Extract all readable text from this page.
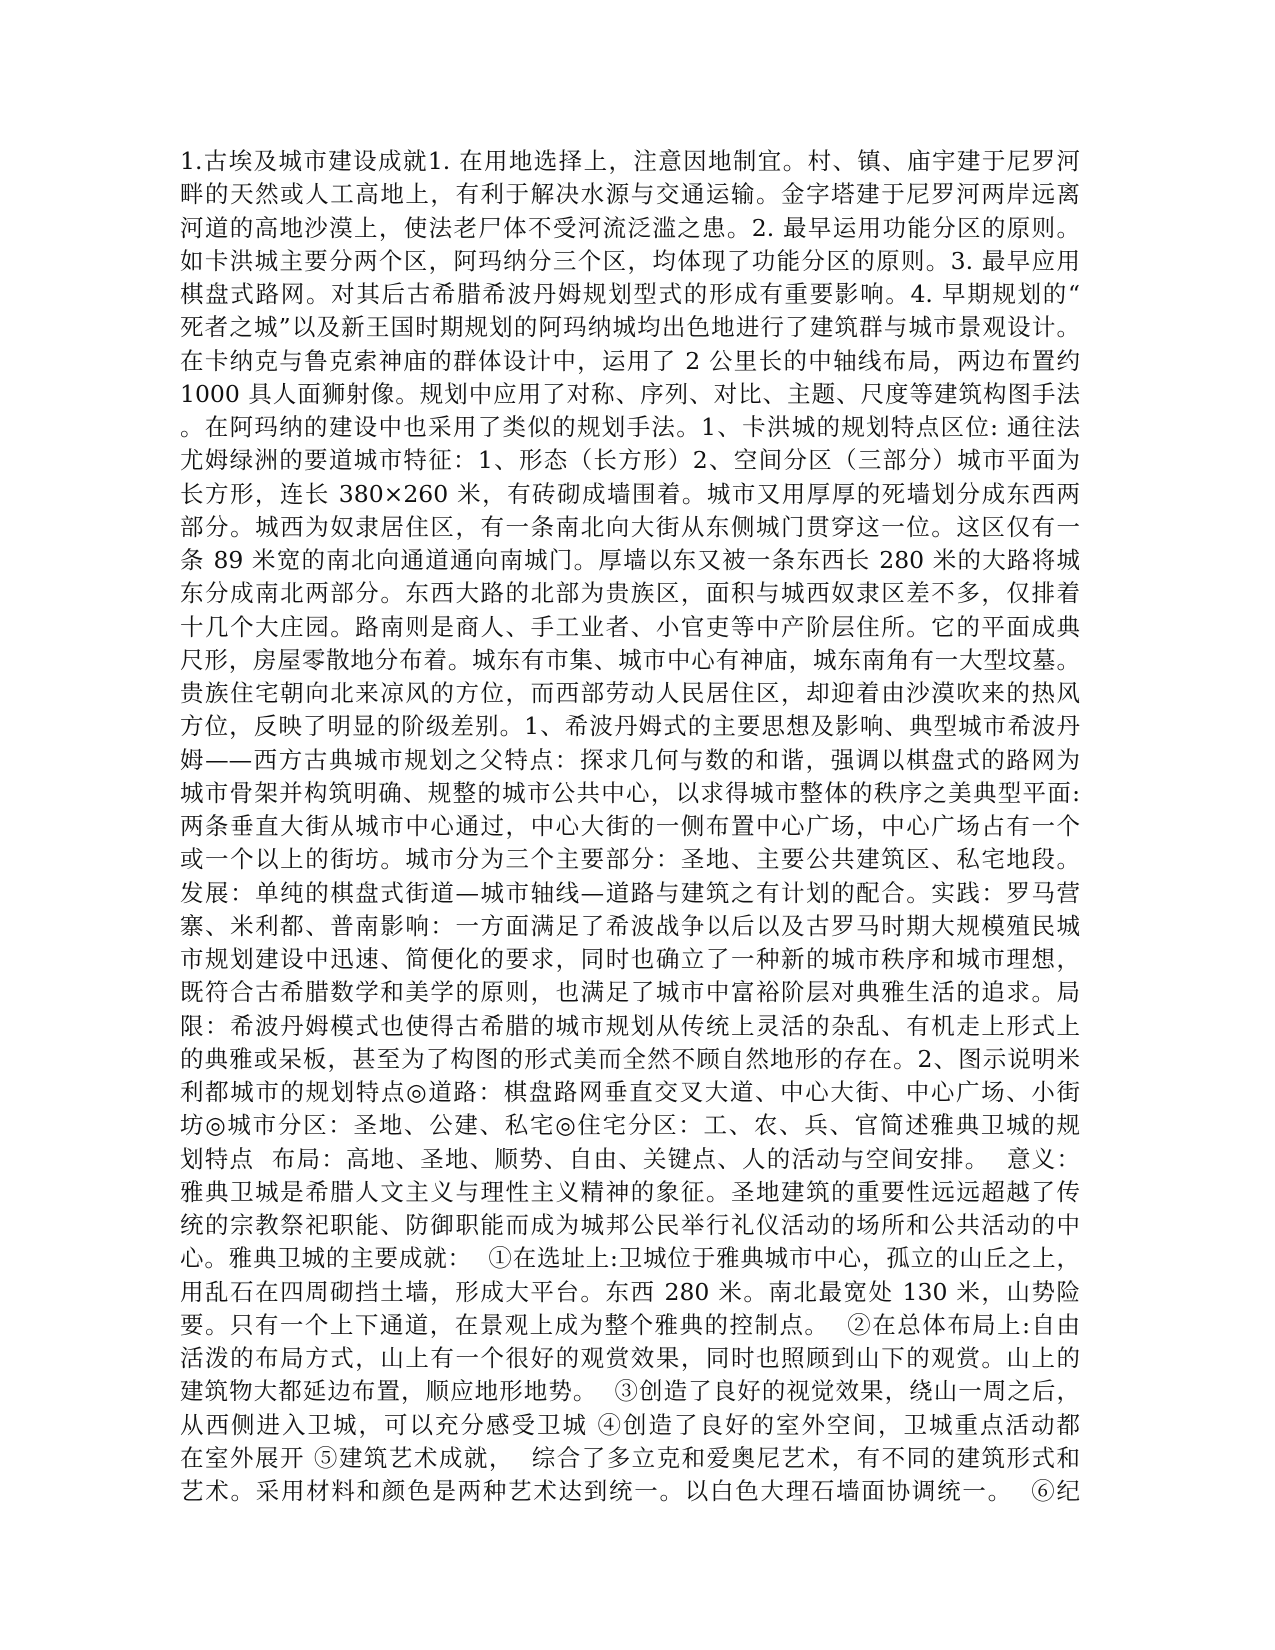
1.古埃及城市建设成就1. 在用地选择上，注意因地制宜。村、镇、庙宇建于尼罗河
畔的天然或人工高地上，有利于解决水源与交通运输。金字塔建于尼罗河两岸远离
河道的高地沙漠上，使法老尸体不受河流泛滥之患。2. 最早运用功能分区的原则。
如卡洪城主要分两个区，阿玛纳分三个区，均体现了功能分区的原则。3. 最早应用
棋盘式路网。对其后古希腊希波丹姆规划型式的形成有重要影响。4. 早期规划的“
死者之城”以及新王国时期规划的阿玛纳城均出色地进行了建筑群与城市景观设计。
在卡纳克与鲁克索神庙的群体设计中，运用了 2 公里长的中轴线布局，两边布置约
1000 具人面狮射像。规划中应用了对称、序列、对比、主题、尺度等建筑构图手法
。在阿玛纳的建设中也采用了类似的规划手法。1、卡洪城的规划特点区位: 通往法
尤姆绿洲的要道城市特征：1、形态（长方形）2、空间分区（三部分）城市平面为
长方形，连长 380×260 米，有砖砌成墙围着。城市又用厚厚的死墙划分成东西两
部分。城西为奴隶居住区，有一条南北向大街从东侧城门贯穿这一位。这区仅有一
条 89 米宽的南北向通道通向南城门。厚墙以东又被一条东西长 280 米的大路将城
东分成南北两部分。东西大路的北部为贵族区，面积与城西奴隶区差不多，仅排着
十几个大庄园。路南则是商人、手工业者、小官吏等中产阶层住所。它的平面成典
尺形，房屋零散地分布着。城东有市集、城市中心有神庙，城东南角有一大型坟墓。
贵族住宅朝向北来凉风的方位，而西部劳动人民居住区，却迎着由沙漠吹来的热风
方位，反映了明显的阶级差别。1、希波丹姆式的主要思想及影响、典型城市希波丹
姆——西方古典城市规划之父特点：探求几何与数的和谐，强调以棋盘式的路网为
城市骨架并构筑明确、规整的城市公共中心，以求得城市整体的秩序之美典型平面:
两条垂直大街从城市中心通过，中心大街的一侧布置中心广场，中心广场占有一个
或一个以上的街坊。城市分为三个主要部分：圣地、主要公共建筑区、私宅地段。
发展：单纯的棋盘式街道—城市轴线—道路与建筑之有计划的配合。实践：罗马营
寨、米利都、普南影响：一方面满足了希波战争以后以及古罗马时期大规模殖民城
市规划建设中迅速、简便化的要求，同时也确立了一种新的城市秩序和城市理想，
既符合古希腊数学和美学的原则，也满足了城市中富裕阶层对典雅生活的追求。局
限：希波丹姆模式也使得古希腊的城市规划从传统上灵活的杂乱、有机走上形式上
的典雅或呆板，甚至为了构图的形式美而全然不顾自然地形的存在。2、图示说明米
利都城市的规划特点◎道路：棋盘路网垂直交叉大道、中心大街、中心广场、小街
坊◎城市分区：圣地、公建、私宅◎住宅分区：工、农、兵、官简述雅典卫城的规
划特点  布局：高地、圣地、顺势、自由、关键点、人的活动与空间安排。  意义：
雅典卫城是希腊人文主义与理性主义精神的象征。圣地建筑的重要性远远超越了传
统的宗教祭祀职能、防御职能而成为城邦公民举行礼仪活动的场所和公共活动的中
心。雅典卫城的主要成就：  ①在选址上:卫城位于雅典城市中心，孤立的山丘之上，
用乱石在四周砌挡土墙，形成大平台。东西 280 米。南北最宽处 130 米，山势险
要。只有一个上下通道，在景观上成为整个雅典的控制点。  ②在总体布局上:自由
活泼的布局方式，山上有一个很好的观赏效果，同时也照顾到山下的观赏。山上的
建筑物大都延边布置，顺应地形地势。  ③创造了良好的视觉效果，绕山一周之后，
从西侧进入卫城，可以充分感受卫城 ④创造了良好的室外空间，卫城重点活动都
在室外展开 ⑤建筑艺术成就，  综合了多立克和爱奥尼艺术，有不同的建筑形式和
艺术。采用材料和颜色是两种艺术达到统一。以白色大理石墙面协调统一。  ⑥纪
